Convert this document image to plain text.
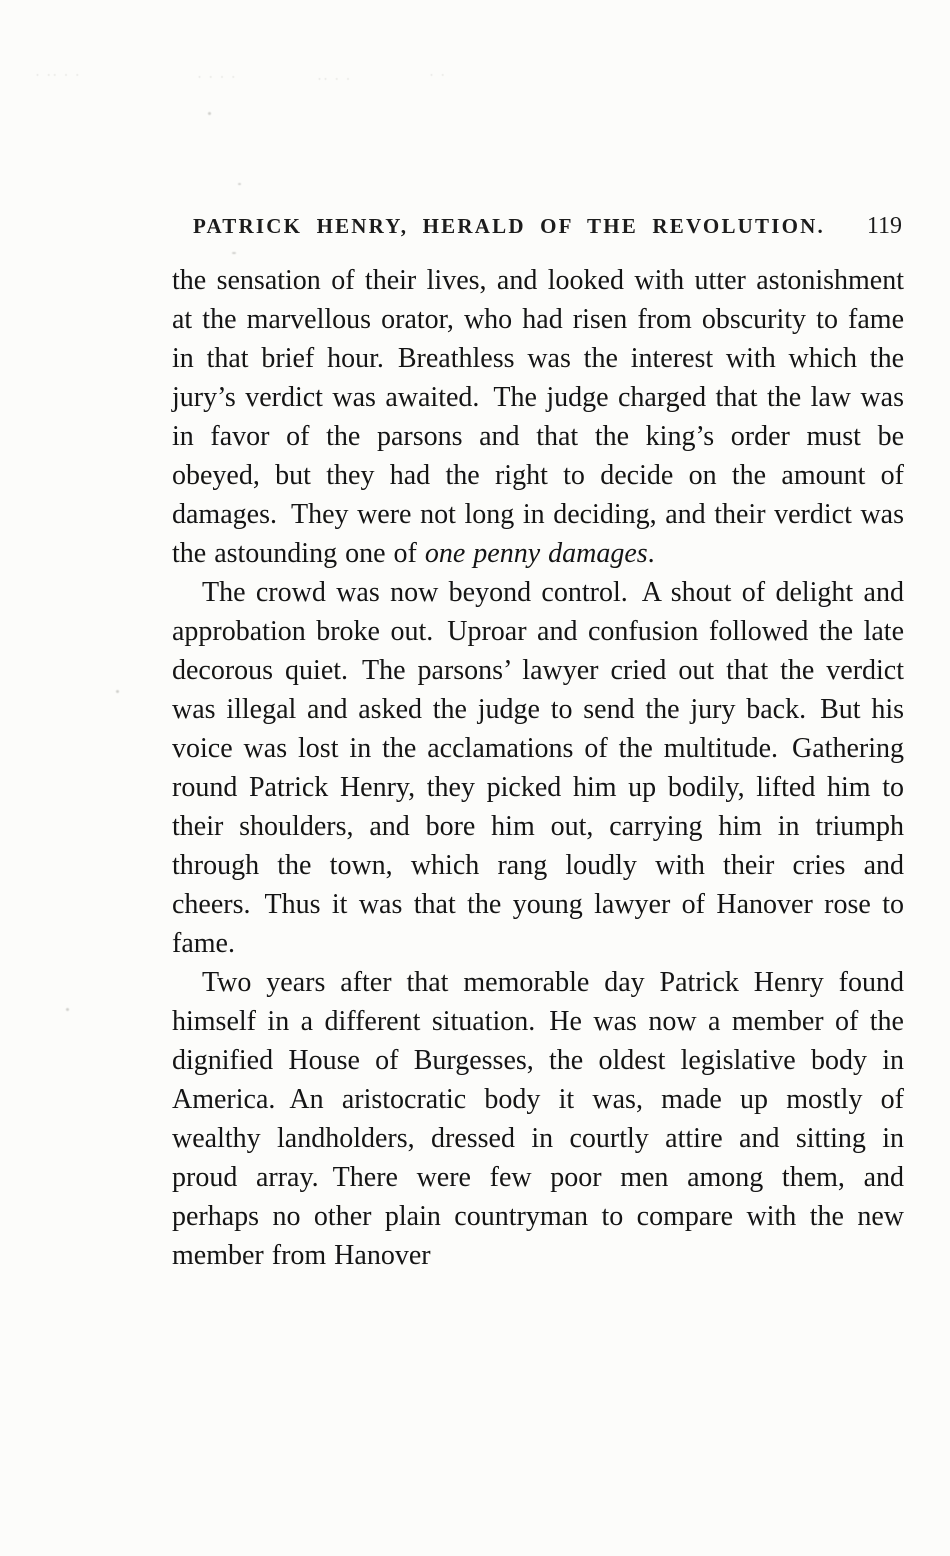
· ·· · ·	· · · ·	·· · ·	· ·
PATRICK HENRY, HERALD OF THE REVOLUTION. 119

the sensation of their lives, and looked with utter astonishment at the marvellous orator, who had risen from obscurity to fame in that brief hour. Breathless was the interest with which the jury’s verdict was awaited. The judge charged that the law was in favor of the parsons and that the king’s order must be obeyed, but they had the right to decide on the amount of damages. They were not long in deciding, and their verdict was the astounding one of one penny damages.

The crowd was now beyond control. A shout of delight and approbation broke out. Uproar and confusion followed the late decorous quiet. The parsons’ lawyer cried out that the verdict was illegal and asked the judge to send the jury back. But his voice was lost in the acclamations of the multitude. Gathering round Patrick Henry, they picked him up bodily, lifted him to their shoulders, and bore him out, carrying him in triumph through the town, which rang loudly with their cries and cheers. Thus it was that the young lawyer of Hanover rose to fame.

Two years after that memorable day Patrick Henry found himself in a different situation. He was now a member of the dignified House of Burgesses, the oldest legislative body in America. An aristocratic body it was, made up mostly of wealthy landholders, dressed in courtly attire and sitting in proud array. There were few poor men among them, and perhaps no other plain countryman to compare with the new member from Hanover
